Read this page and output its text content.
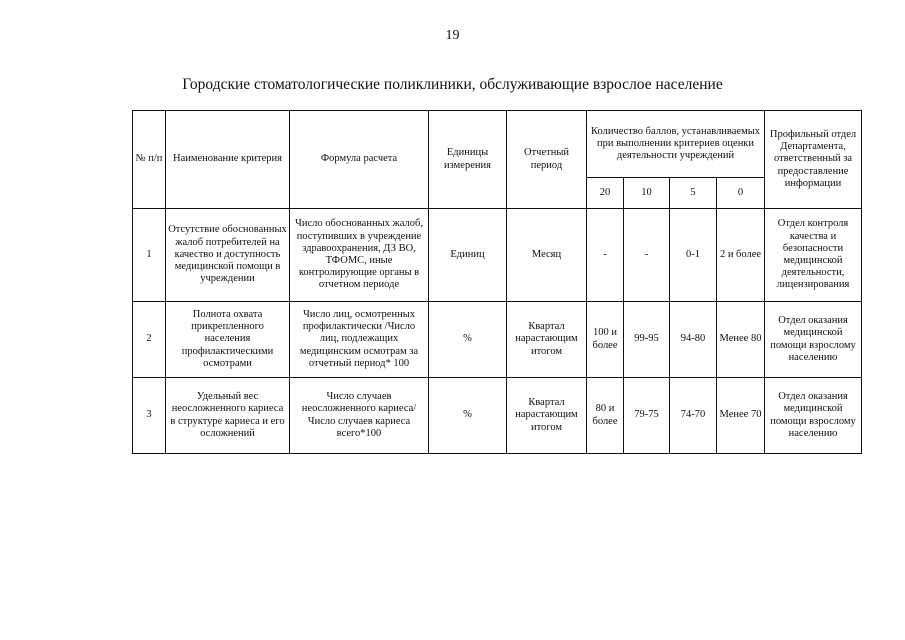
19
Городские стоматологические поликлиники, обслуживающие взрослое население
№ п/п	Наименование критерия	Формула расчета	Единицы измерения	Отчетный период	Количество баллов, устанавливаемых при выполнении критериев оценки деятельности учреждений				Профильный отдел Департамента, ответственный за предоставление информации
					20	10	5	0	
1	Отсутствие обоснованных жалоб потребителей на качество и доступность медицинской помощи в учреждении	Число обоснованных жалоб, поступивших в учреждение здравоохранения, ДЗ ВО, ТФОМС, иные контролирующие органы в отчетном периоде	Единиц	Месяц	-	-	0-1	2 и более	Отдел контроля качества и безопасности медицинской деятельности, лицензирования
2	Полнота охвата прикрепленного населения профилактическими осмотрами	Число лиц, осмотренных профилактически /Число лиц, подлежащих медицинским осмотрам за отчетный период* 100	%	Квартал нарастающим итогом	100 и более	99-95	94-80	Менее 80	Отдел оказания медицинской помощи взрослому населению
3	Удельный вес неосложненного кариеса в структуре кариеса и его осложнений	Число случаев неосложненного кариеса/Число случаев кариеса всего*100	%	Квартал нарастающим итогом	80 и более	79-75	74-70	Менее 70	Отдел оказания медицинской помощи взрослому населению
